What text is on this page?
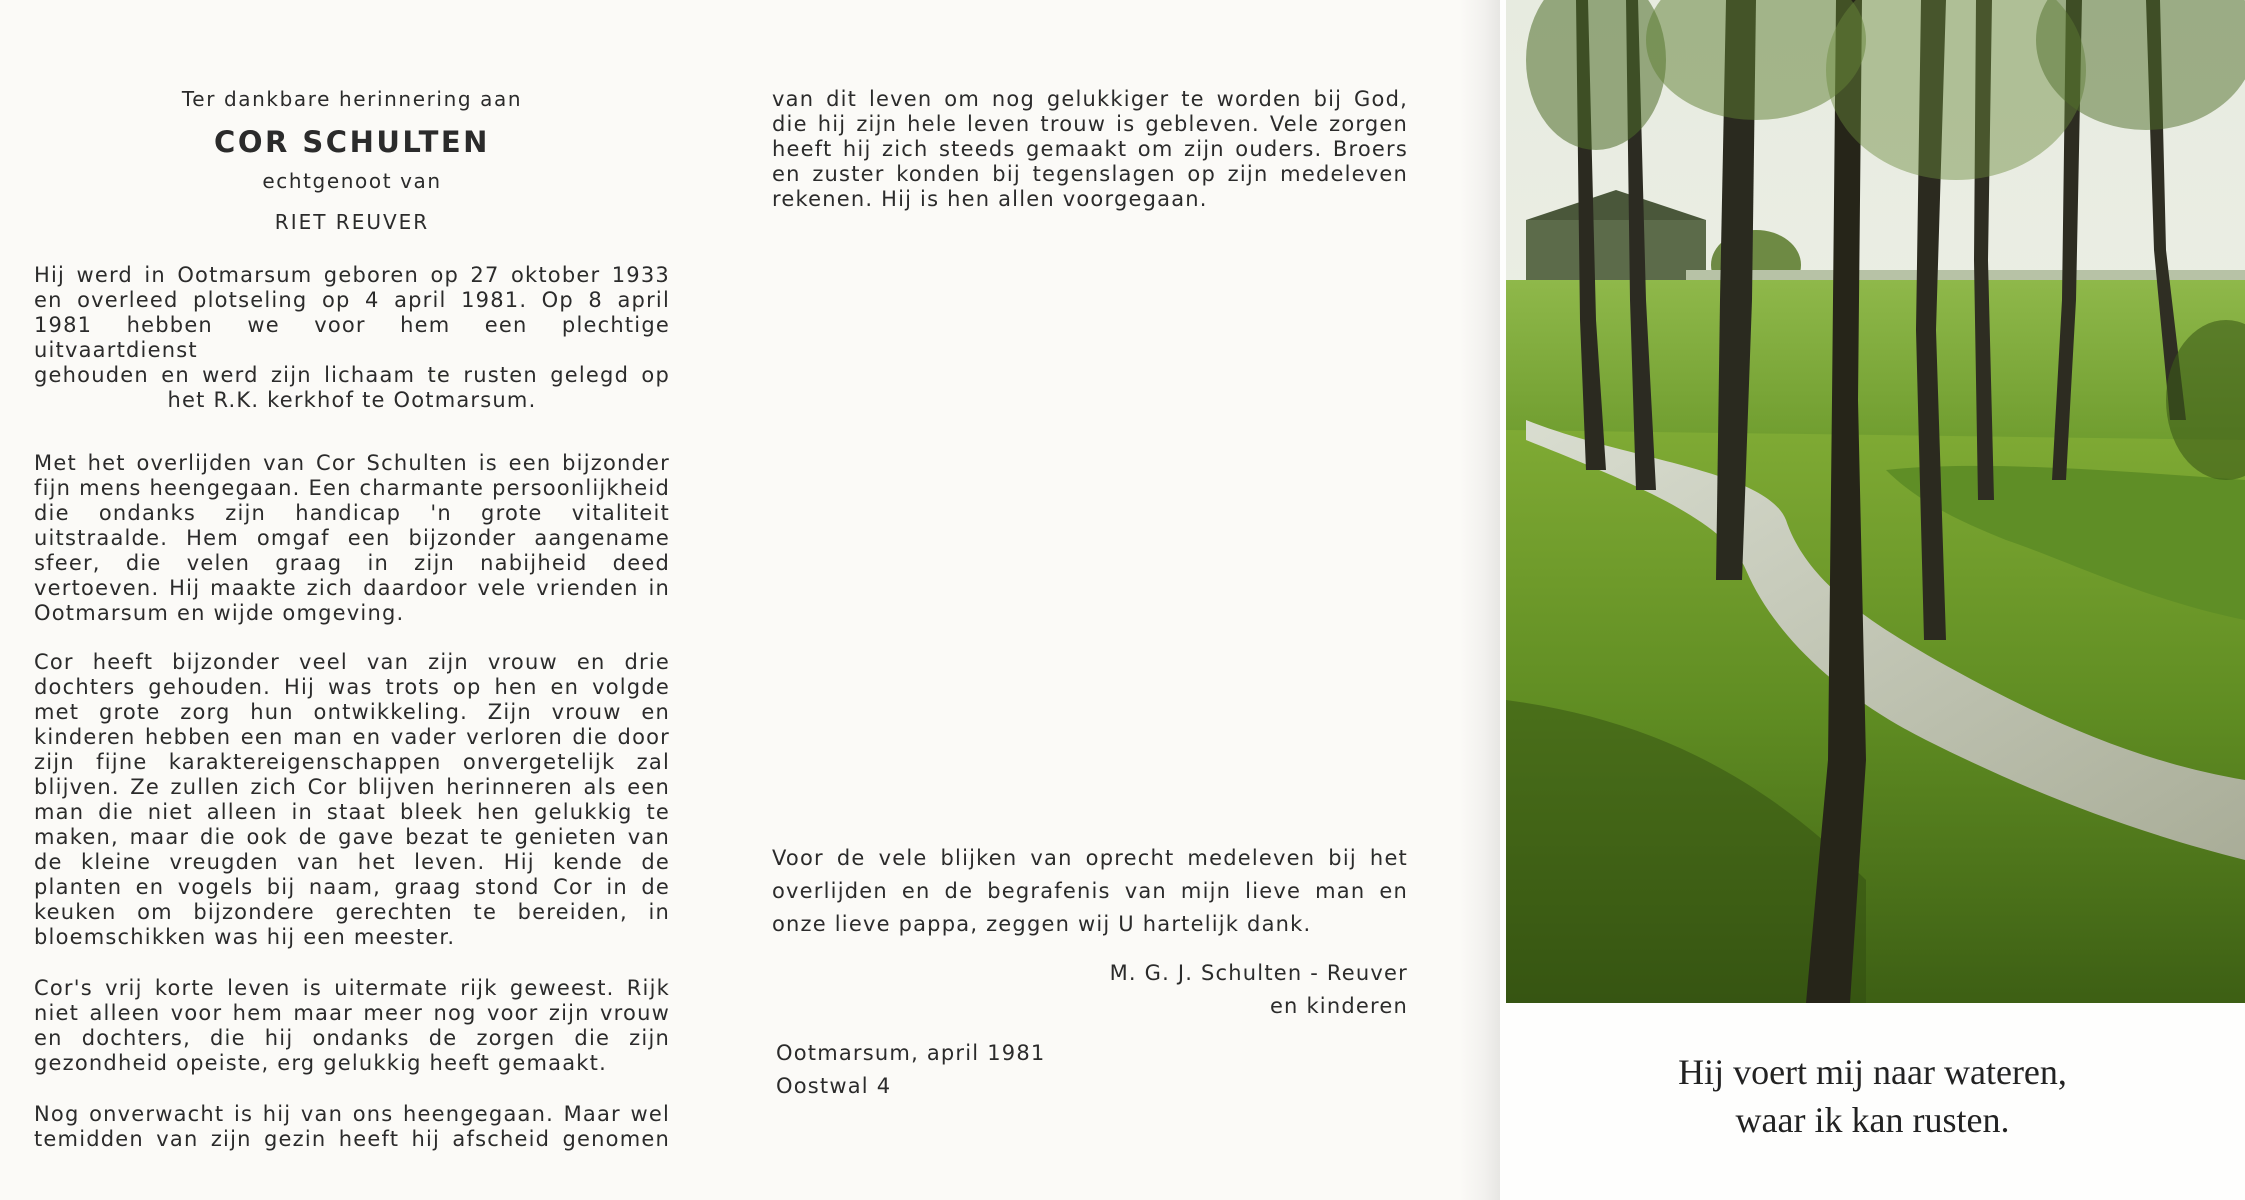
Ter dankbare herinnering aan
COR SCHULTEN
echtgenoot van
RIET REUVER
Hij werd in Ootmarsum geboren op 27 oktober 1933
en overleed plotseling op 4 april 1981. Op 8 april
1981 hebben we voor hem een plechtige uitvaartdienst
gehouden en werd zijn lichaam te rusten gelegd op
het R.K. kerkhof te Ootmarsum.

Met het overlijden van Cor Schulten is een bijzonder fijn mens heengegaan. Een charmante persoonlijkheid die ondanks zijn handicap 'n grote vitaliteit uitstraalde. Hem omgaf een bijzonder aangename sfeer, die velen graag in zijn nabijheid deed vertoeven. Hij maakte zich daardoor vele vrienden in Ootmarsum en wijde omgeving.

Cor heeft bijzonder veel van zijn vrouw en drie dochters gehouden. Hij was trots op hen en volgde met grote zorg hun ontwikkeling. Zijn vrouw en kinderen hebben een man en vader verloren die door zijn fijne karaktereigenschappen onvergetelijk zal blijven. Ze zullen zich Cor blijven herinneren als een man die niet alleen in staat bleek hen gelukkig te maken, maar die ook de gave bezat te genieten van de kleine vreugden van het leven. Hij kende de planten en vogels bij naam, graag stond Cor in de keuken om bijzondere gerechten te bereiden, in bloemschikken was hij een meester.

Cor's vrij korte leven is uitermate rijk geweest. Rijk niet alleen voor hem maar meer nog voor zijn vrouw en dochters, die hij ondanks de zorgen die zijn gezondheid opeiste, erg gelukkig heeft gemaakt.

Nog onverwacht is hij van ons heengegaan. Maar wel temidden van zijn gezin heeft hij afscheid genomen

van dit leven om nog gelukkiger te worden bij God, die hij zijn hele leven trouw is gebleven. Vele zorgen heeft hij zich steeds gemaakt om zijn ouders. Broers en zuster konden bij tegenslagen op zijn medeleven rekenen. Hij is hen allen voorgegaan.

Voor de vele blijken van oprecht medeleven bij het overlijden en de begrafenis van mijn lieve man en onze lieve pappa, zeggen wij U hartelijk dank.

M. G. J. Schulten - Reuver
en kinderen
Ootmarsum, april 1981
Oostwal 4	Hij voert mij naar wateren,
waar ik kan rusten.
